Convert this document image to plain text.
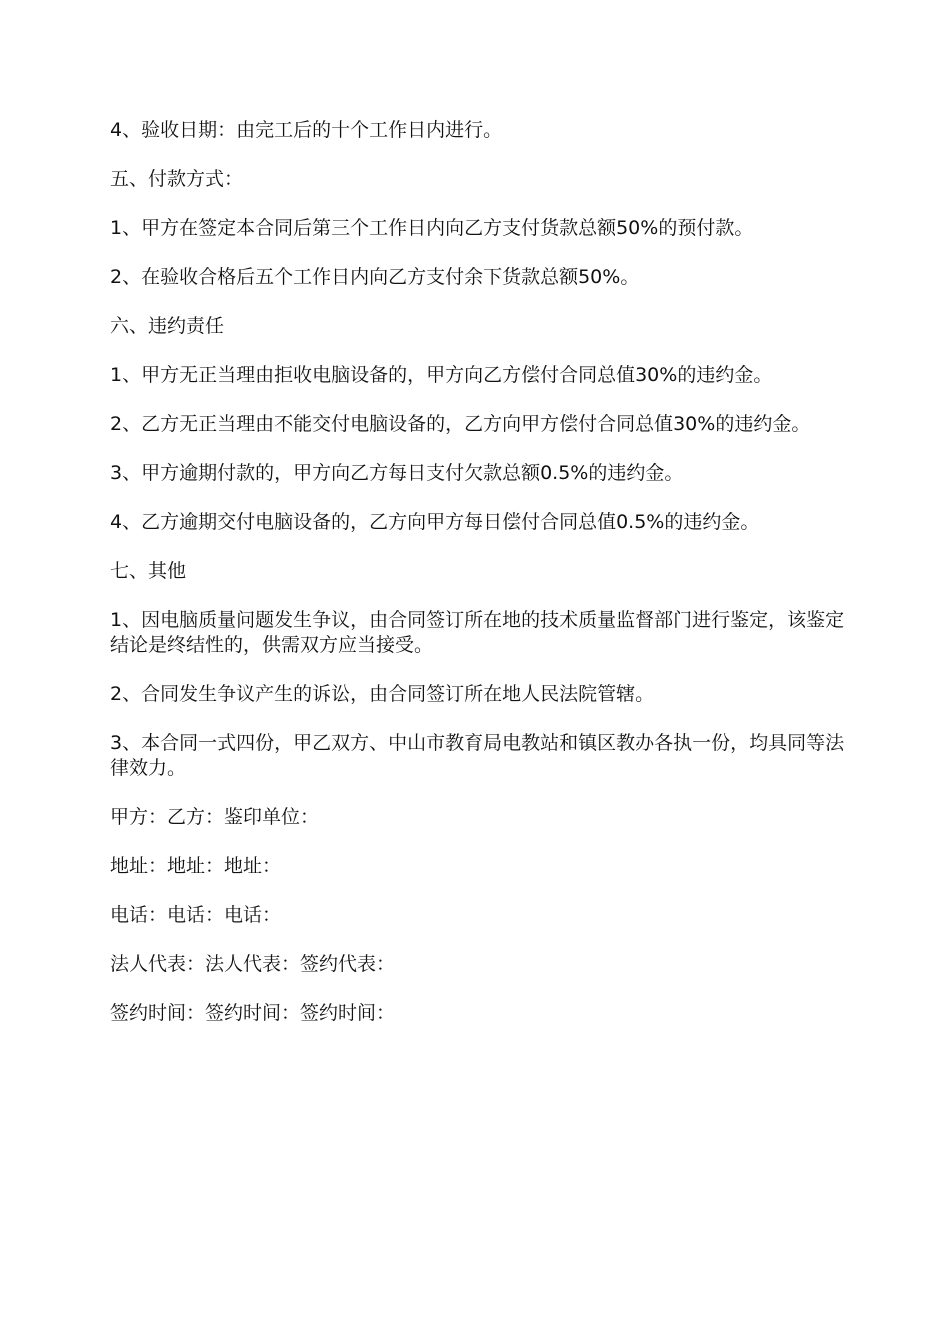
4、验收日期：由完工后的十个工作日内进行。

五、付款方式：

1、甲方在签定本合同后第三个工作日内向乙方支付货款总额50%的预付款。

2、在验收合格后五个工作日内向乙方支付余下货款总额50%。

六、违约责任

1、甲方无正当理由拒收电脑设备的，甲方向乙方偿付合同总值30%的违约金。

2、乙方无正当理由不能交付电脑设备的，乙方向甲方偿付合同总值30%的违约金。

3、甲方逾期付款的，甲方向乙方每日支付欠款总额0.5%的违约金。

4、乙方逾期交付电脑设备的，乙方向甲方每日偿付合同总值0.5%的违约金。

七、其他

1、因电脑质量问题发生争议，由合同签订所在地的技术质量监督部门进行鉴定，该鉴定结论是终结性的，供需双方应当接受。

2、合同发生争议产生的诉讼，由合同签订所在地人民法院管辖。

3、本合同一式四份，甲乙双方、中山市教育局电教站和镇区教办各执一份，均具同等法律效力。

甲方：乙方：鉴印单位：

地址：地址：地址：

电话：电话：电话：

法人代表：法人代表：签约代表：

签约时间：签约时间：签约时间：
